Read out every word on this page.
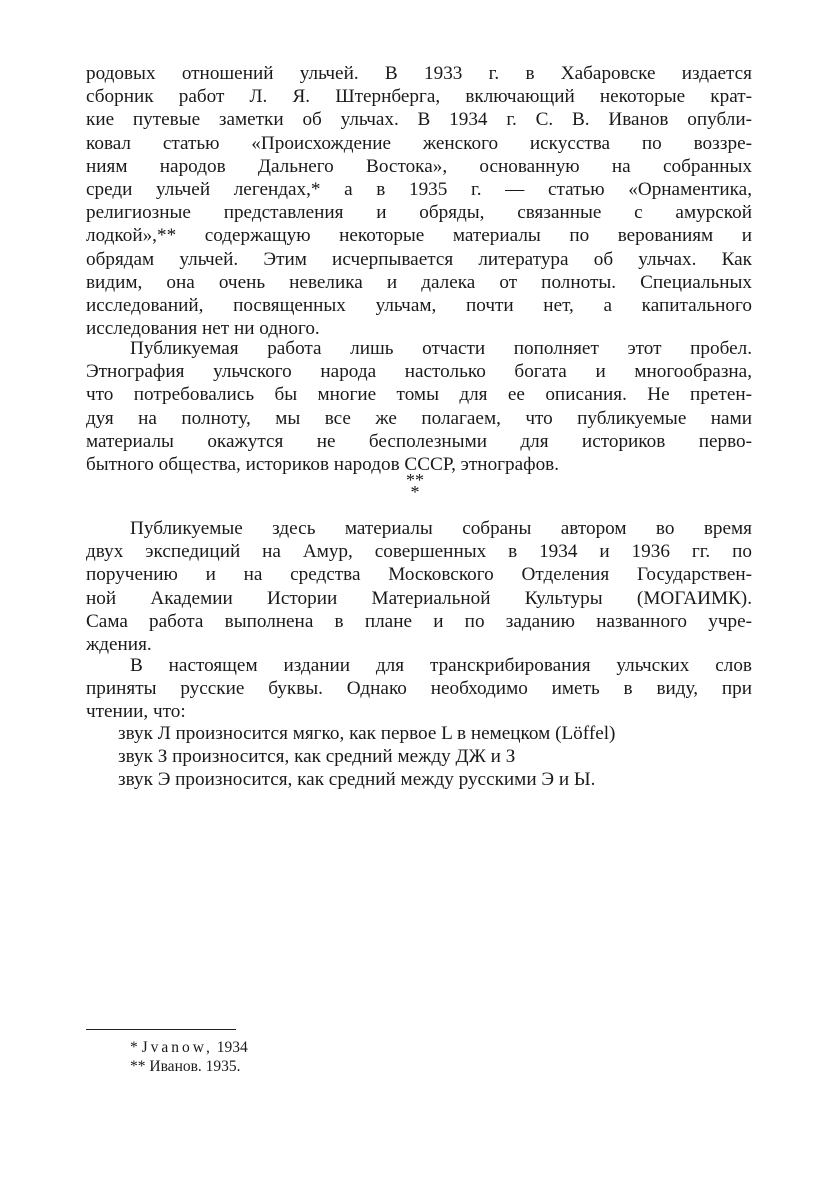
родовых отношений ульчей. В 1933 г. в Хабаровске издается
сборник работ Л. Я. Штернберга, включающий некоторые крат-
кие путевые заметки об ульчах. В 1934 г. С. В. Иванов опубли-
ковал статью «Происхождение женского искусства по воззре-
ниям народов Дальнего Востока», основанную на собранных
среди ульчей легендах,* а в 1935 г. — статью «Орнаментика,
религиозные представления и обряды, связанные с амурской
лодкой»,** содержащую некоторые материалы по верованиям и
обрядам ульчей. Этим исчерпывается литература об ульчах. Как
видим, она очень невелика и далека от полноты. Специальных
исследований, посвященных ульчам, почти нет, а капитального
исследования нет ни одного.
Публикуемая работа лишь отчасти пополняет этот пробел.
Этнография ульчского народа настолько богата и многообразна,
что потребовались бы многие томы для ее описания. Не претен-
дуя на полноту, мы все же полагаем, что публикуемые нами
материалы окажутся не бесполезными для историков перво-
бытного общества, историков народов СССР, этнографов.
**
*
Публикуемые здесь материалы собраны автором во время
двух экспедиций на Амур, совершенных в 1934 и 1936 гг. по
поручению и на средства Московского Отделения Государствен-
ной Академии Истории Материальной Культуры (МОГАИМК).
Сама работа выполнена в плане и по заданию названного учре-
ждения.
В настоящем издании для транскрибирования ульчских слов
приняты русские буквы. Однако необходимо иметь в виду, при
чтении, что:
звук Л произносится мягко, как первое L в немецком (Löffel)
звук З произносится, как средний между ДЖ и З
звук Э произносится, как средний между русскими Э и Ы.
* Jvanow, 1934
** Иванов. 1935.
